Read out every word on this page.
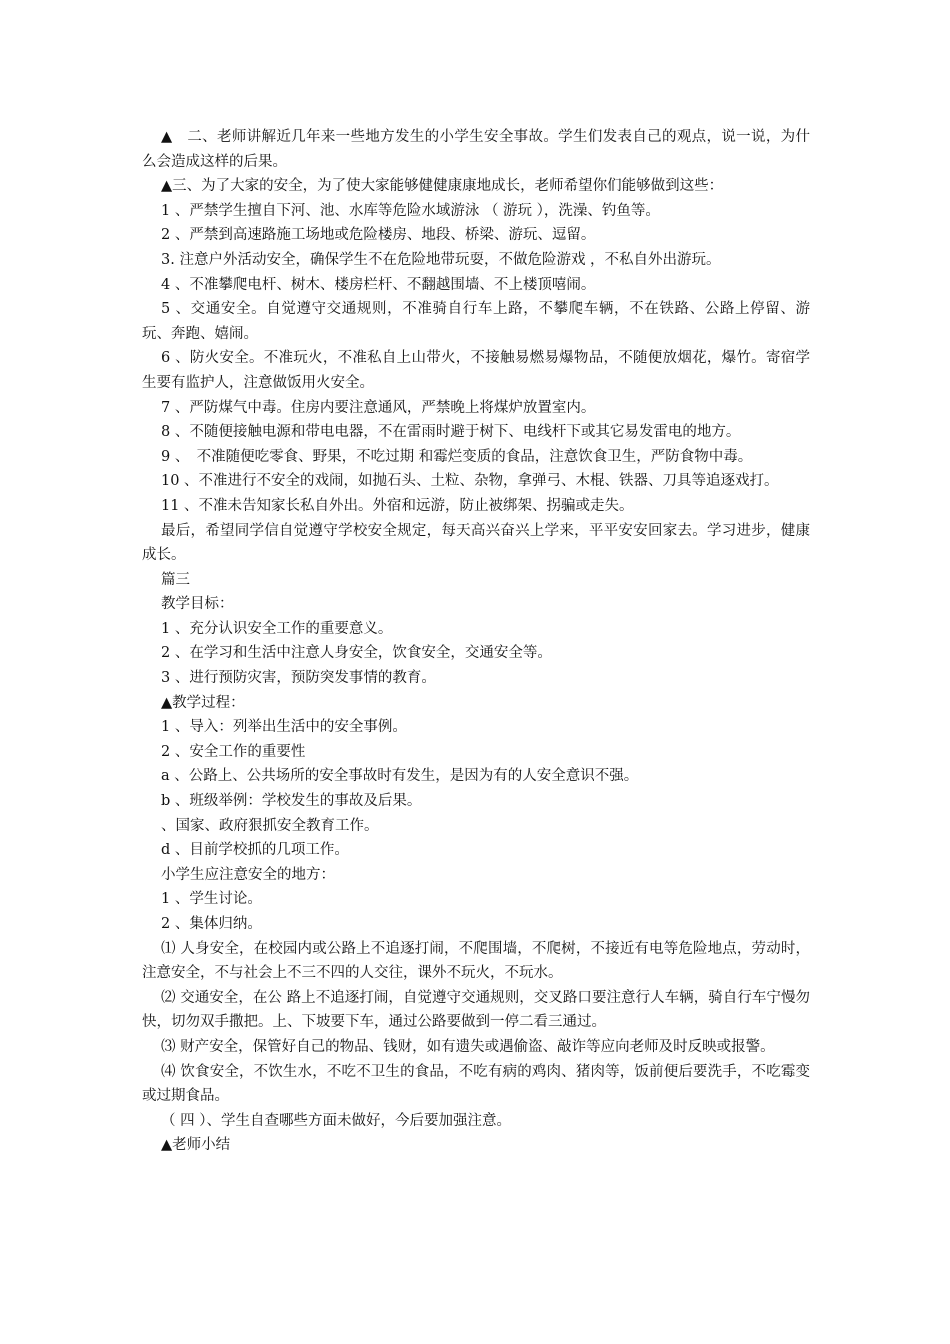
▲　二、老师讲解近几年来一些地方发生的小学生安全事故。学生们发表自己的观点，说一说，为什么会造成这样的后果。

▲三、为了大家的安全，为了使大家能够健健康康地成长，老师希望你们能够做到这些：

1 、严禁学生擅自下河、池、水库等危险水域游泳 （ 游玩 ），洗澡、钓鱼等。

2 、严禁到高速路施工场地或危险楼房、地段、桥梁、游玩、逗留。

3. 注意户外活动安全，确保学生不在危险地带玩耍，不做危险游戏 ，不私自外出游玩。

4 、不准攀爬电杆、树木、楼房栏杆、不翻越围墙、不上楼顶嘻闹。

5 、交通安全。自觉遵守交通规则，不准骑自行车上路，不攀爬车辆，不在铁路、公路上停留、游玩、奔跑、嬉闹。

6 、防火安全。不准玩火，不准私自上山带火，不接触易燃易爆物品，不随便放烟花，爆竹。寄宿学生要有监护人，注意做饭用火安全。

7 、严防煤气中毒。住房内要注意通风，严禁晚上将煤炉放置室内。

8 、不随便接触电源和带电电器，不在雷雨时避于树下、电线杆下或其它易发雷电的地方。

9 、　不准随便吃零食、野果，不吃过期 和霉烂变质的食品，注意饮食卫生，严防食物中毒。

10 、不准进行不安全的戏闹，如抛石头、土粒、杂物，拿弹弓、木棍、铁器、刀具等追逐戏打。

11 、不准未告知家长私自外出。外宿和远游，防止被绑架、拐骗或走失。

最后，希望同学信自觉遵守学校安全规定，每天高兴奋兴上学来，平平安安回家去。学习进步，健康成长。

篇三

教学目标：

1 、充分认识安全工作的重要意义。

2 、在学习和生活中注意人身安全，饮食安全，交通安全等。

3 、进行预防灾害，预防突发事情的教育。

▲教学过程：

1 、导入：列举出生活中的安全事例。

2 、安全工作的重要性

a 、公路上、公共场所的安全事故时有发生，是因为有的人安全意识不强。

b 、班级举例：学校发生的事故及后果。

、国家、政府狠抓安全教育工作。

d 、目前学校抓的几项工作。

小学生应注意安全的地方：

1 、学生讨论。

2 、集体归纳。

⑴ 人身安全，在校园内或公路上不追逐打闹，不爬围墙，不爬树，不接近有电等危险地点，劳动时，注意安全，不与社会上不三不四的人交往，课外不玩火，不玩水。

⑵ 交通安全，在公 路上不追逐打闹，自觉遵守交通规则，交叉路口要注意行人车辆，骑自行车宁慢勿快，切勿双手撒把。上、下坡要下车，通过公路要做到一停二看三通过。

⑶ 财产安全，保管好自己的物品、钱财，如有遗失或遇偷盗、敲诈等应向老师及时反映或报警。

⑷ 饮食安全，不饮生水，不吃不卫生的食品，不吃有病的鸡肉、猪肉等，饭前便后要洗手，不吃霉变或过期食品。

（ 四 ）、学生自查哪些方面未做好，今后要加强注意。

▲老师小结
